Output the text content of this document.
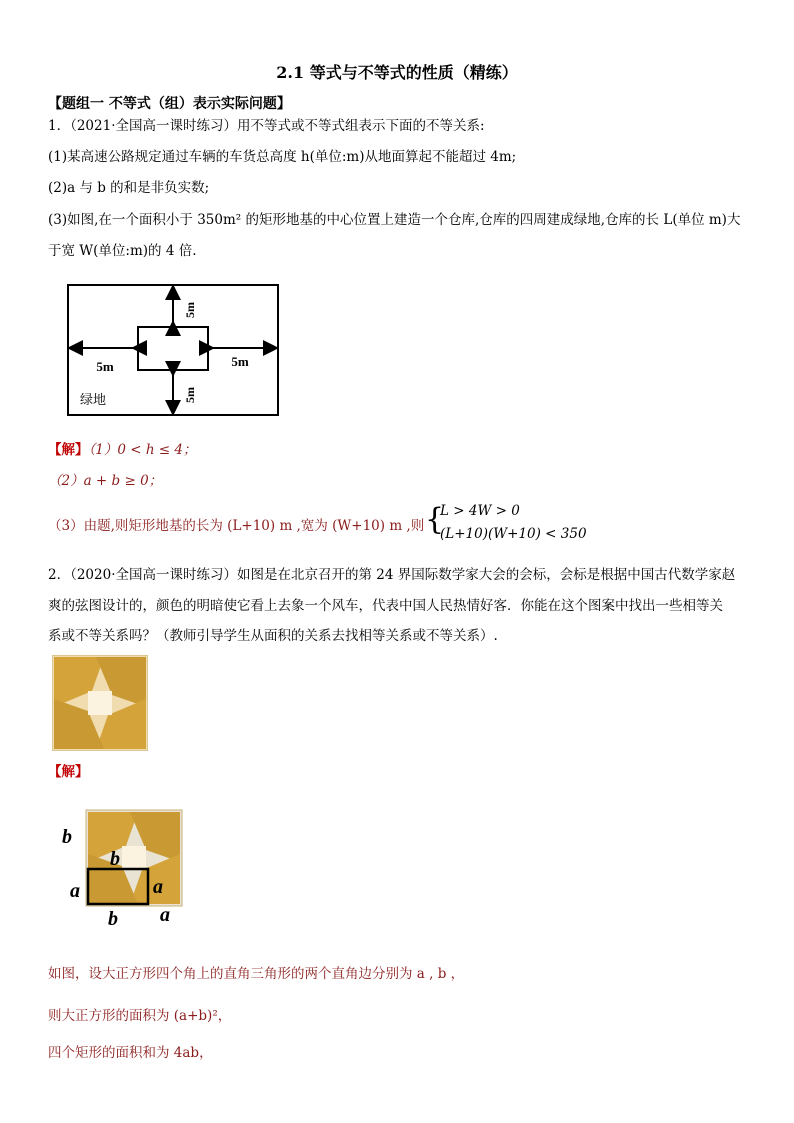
2.1 等式与不等式的性质（精练）
【题组一 不等式（组）表示实际问题】
1．（2021·全国高一课时练习）用不等式或不等式组表示下面的不等关系:
(1)某高速公路规定通过车辆的车货总高度 h(单位:m)从地面算起不能超过 4m;
(2)a 与 b 的和是非负实数;
(3)如图,在一个面积小于 350m² 的矩形地基的中心位置上建造一个仓库,仓库的四周建成绿地,仓库的长 L(单位 m)大
于宽 W(单位:m)的 4 倍.
5m
5m
5m	5m
绿地
【解】（1）0 < h ≤ 4；
（2）a + b ≥ 0；
（3）由题,则矩形地基的长为 (L+10) m ,宽为 (W+10) m ,则 {
L > 4W > 0
(L+10)(W+10) < 350
2．（2020·全国高一课时练习）如图是在北京召开的第 24 界国际数学家大会的会标，会标是根据中国古代数学家赵
爽的弦图设计的，颜色的明暗使它看上去象一个风车，代表中国人民热情好客．你能在这个图案中找出一些相等关
系或不等关系吗？（教师引导学生从面积的关系去找相等关系或不等关系）.
【解】
b
b
a	a
b a
如图，设大正方形四个角上的直角三角形的两个直角边分别为 a , b ，
则大正方形的面积为 (a+b)²，
四个矩形的面积和为 4ab，
